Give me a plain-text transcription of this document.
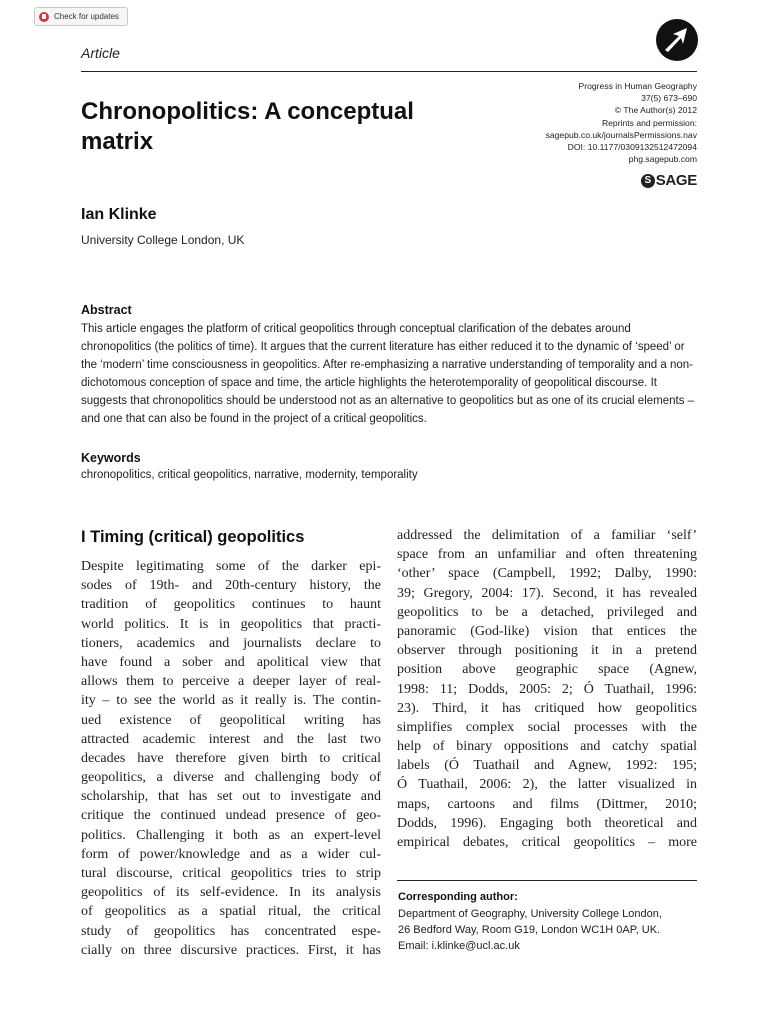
Check for updates
Article
Progress in Human Geography
37(5) 673–690
© The Author(s) 2012
Reprints and permission:
sagepub.co.uk/journalsPermissions.nav
DOI: 10.1177/0309132512472094
phg.sagepub.com
S SAGE
Chronopolitics: A conceptual matrix
Ian Klinke
University College London, UK
Abstract
This article engages the platform of critical geopolitics through conceptual clarification of the debates around chronopolitics (the politics of time). It argues that the current literature has either reduced it to the dynamic of ‘speed’ or the ‘modern’ time consciousness in geopolitics. After re-emphasizing a narrative understanding of temporality and a non-dichotomous conception of space and time, the article highlights the heterotemporality of geopolitical discourse. It suggests that chronopolitics should be understood not as an alternative to geopolitics but as one of its crucial elements – and one that can also be found in the project of a critical geopolitics.
Keywords
chronopolitics, critical geopolitics, narrative, modernity, temporality
I Timing (critical) geopolitics
Despite legitimating some of the darker epi-
sodes of 19th- and 20th-century history, the
tradition of geopolitics continues to haunt
world politics. It is in geopolitics that practi-
tioners, academics and journalists declare to
have found a sober and apolitical view that
allows them to perceive a deeper layer of real-
ity – to see the world as it really is. The contin-
ued existence of geopolitical writing has
attracted academic interest and the last two
decades have therefore given birth to critical
geopolitics, a diverse and challenging body of
scholarship, that has set out to investigate and
critique the continued undead presence of geo-
politics. Challenging it both as an expert-level
form of power/knowledge and as a wider cul-
tural discourse, critical geopolitics tries to strip
geopolitics of its self-evidence. In its analysis
of geopolitics as a spatial ritual, the critical
study of geopolitics has concentrated espe-
cially on three discursive practices. First, it has
addressed the delimitation of a familiar ‘self’
space from an unfamiliar and often threatening
‘other’ space (Campbell, 1992; Dalby, 1990:
39; Gregory, 2004: 17). Second, it has revealed
geopolitics to be a detached, privileged and
panoramic (God-like) vision that entices the
observer through positioning it in a pretend
position above geographic space (Agnew,
1998: 11; Dodds, 2005: 2; Ó Tuathail, 1996:
23). Third, it has critiqued how geopolitics
simplifies complex social processes with the
help of binary oppositions and catchy spatial
labels (Ó Tuathail and Agnew, 1992: 195;
Ó Tuathail, 2006: 2), the latter visualized in
maps, cartoons and films (Dittmer, 2010;
Dodds, 1996). Engaging both theoretical and
empirical debates, critical geopolitics – more
Corresponding author:
Department of Geography, University College London,
26 Bedford Way, Room G19, London WC1H 0AP, UK.
Email: i.klinke@ucl.ac.uk
